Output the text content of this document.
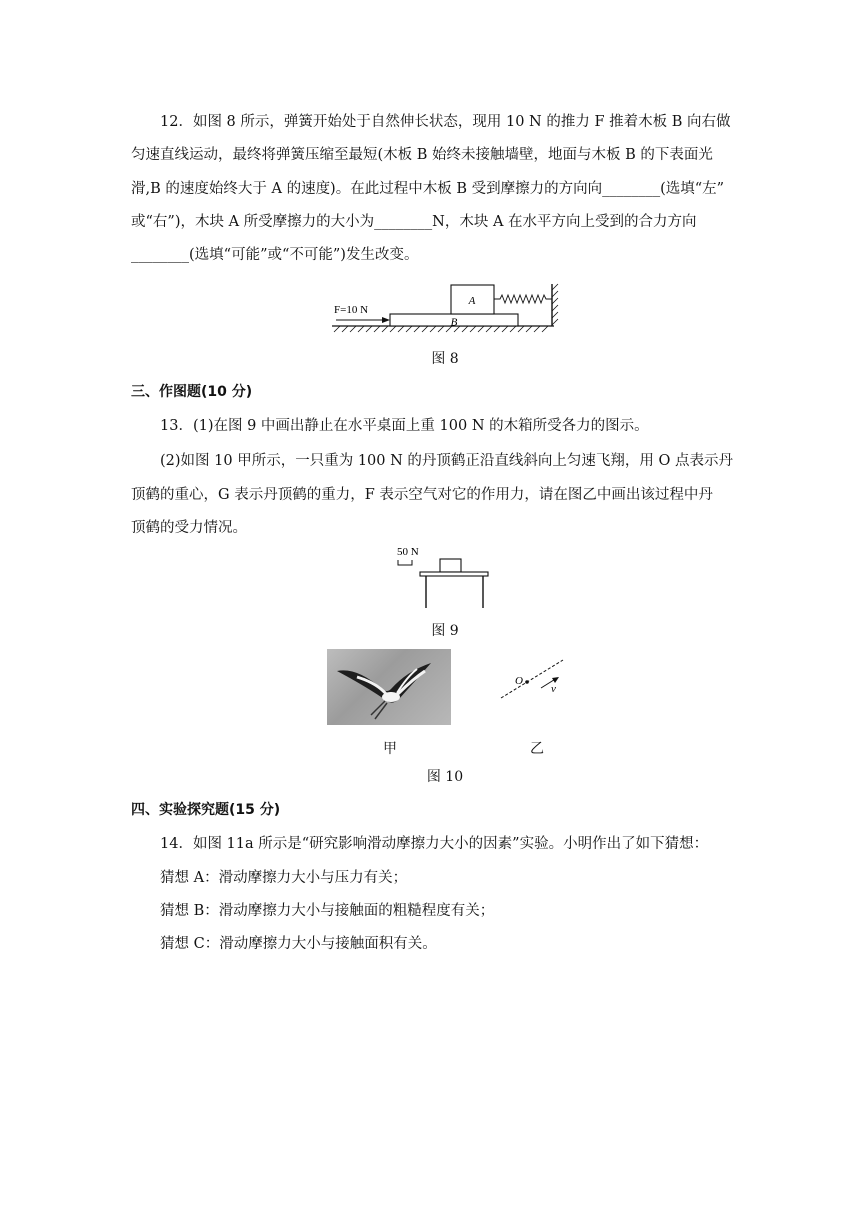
12．如图 8 所示，弹簧开始处于自然伸长状态，现用 10 N 的推力 F 推着木板 B 向右做
匀速直线运动，最终将弹簧压缩至最短(木板 B 始终未接触墙壁，地面与木板 B 的下表面光
滑,B 的速度始终大于 A 的速度)。在此过程中木板 B 受到摩擦力的方向向________(选填“左”
或“右”)，木块 A 所受摩擦力的大小为________N，木块 A 在水平方向上受到的合力方向
________(选填“可能”或“不可能”)发生改变。
B
A
F=10 N
图 8
三、作图题(10 分)
13．(1)在图 9 中画出静止在水平桌面上重 100 N 的木箱所受各力的图示。
(2)如图 10 甲所示，一只重为 100 N 的丹顶鹤正沿直线斜向上匀速飞翔，用 O 点表示丹
顶鹤的重心，G 表示丹顶鹤的重力，F 表示空气对它的作用力，请在图乙中画出该过程中丹
顶鹤的受力情况。
50 N
图 9
O
v
甲	乙
图 10
四、实验探究题(15 分)
14．如图 11a 所示是“研究影响滑动摩擦力大小的因素”实验。小明作出了如下猜想：
猜想 A：滑动摩擦力大小与压力有关；
猜想 B：滑动摩擦力大小与接触面的粗糙程度有关；
猜想 C：滑动摩擦力大小与接触面积有关。
